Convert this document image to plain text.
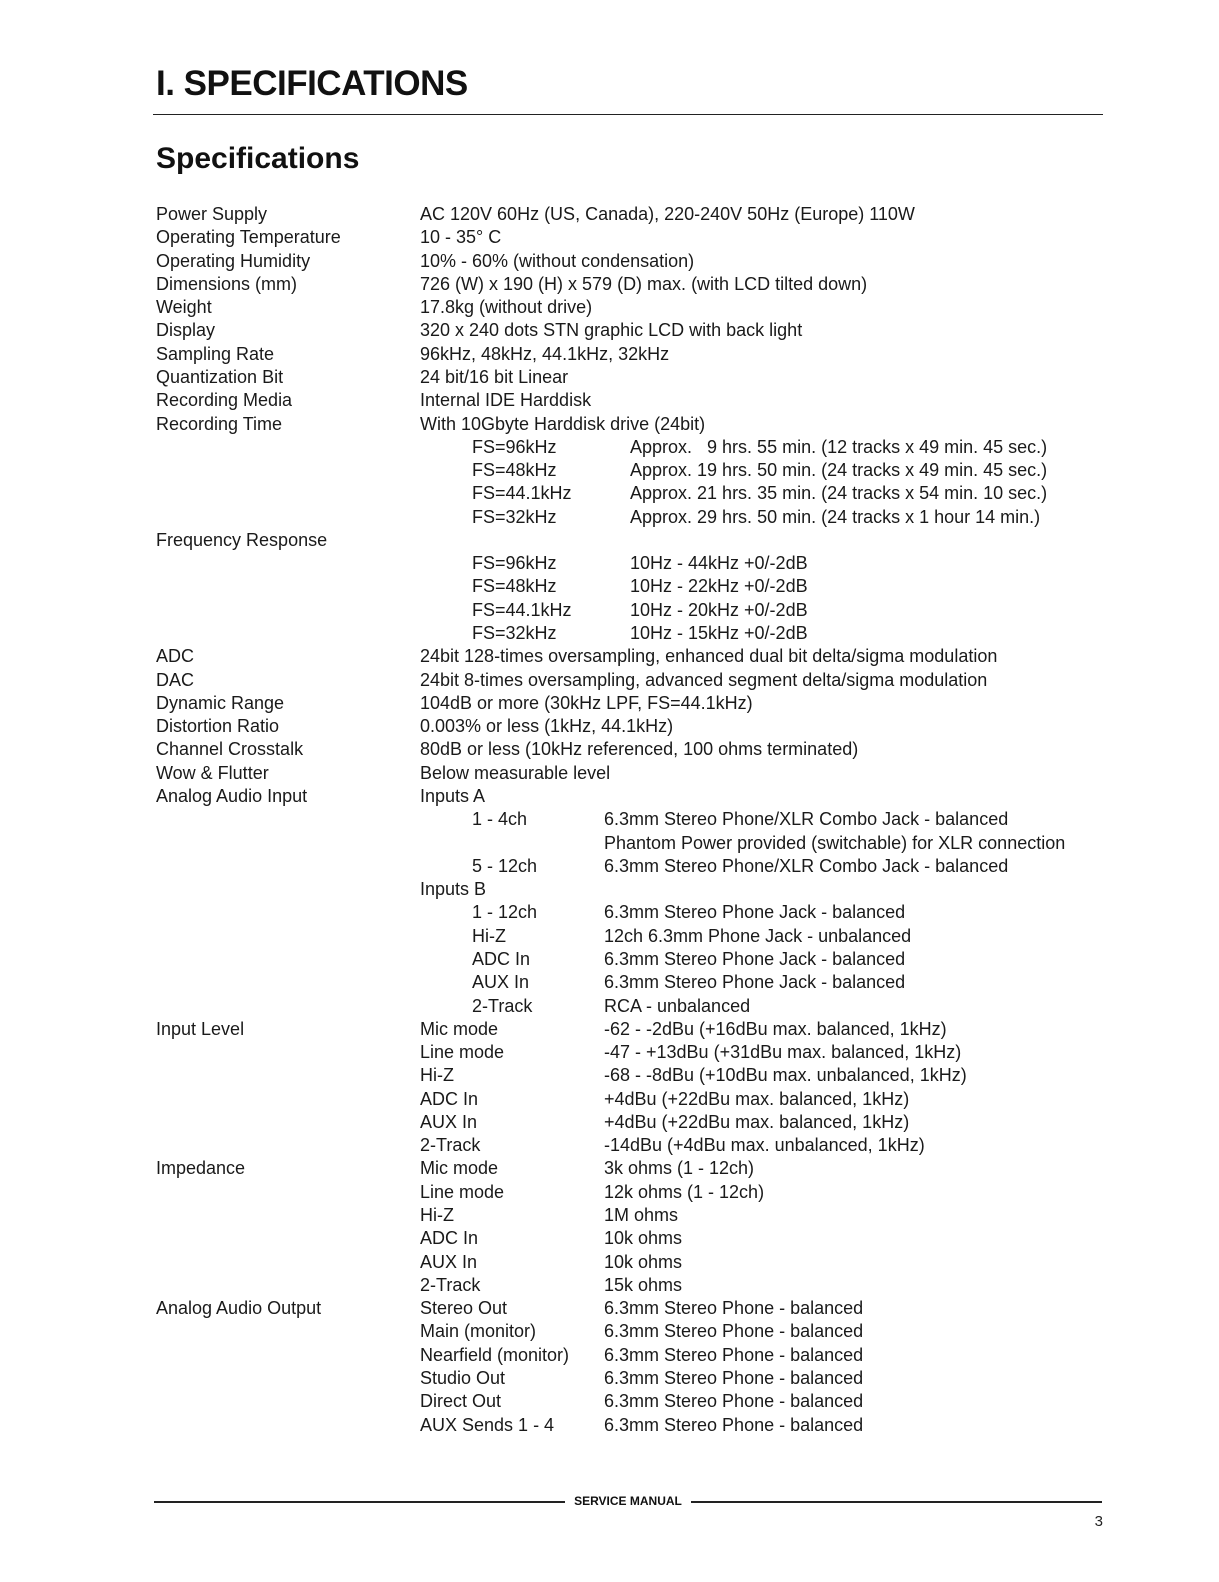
I. SPECIFICATIONS
Specifications
Power Supply	AC 120V 60Hz (US, Canada), 220-240V 50Hz (Europe) 110W
Operating Temperature	10 - 35° C
Operating Humidity	10% - 60% (without condensation)
Dimensions (mm)	726 (W) x 190 (H) x 579 (D) max. (with LCD tilted down)
Weight	17.8kg (without drive)
Display	320 x 240 dots STN graphic LCD with back light
Sampling Rate	96kHz, 48kHz, 44.1kHz, 32kHz
Quantization Bit	24 bit/16 bit Linear
Recording Media	Internal IDE Harddisk
Recording Time	With 10Gbyte Harddisk drive (24bit)
FS=96kHz	Approx.   9 hrs. 55 min. (12 tracks x 49 min. 45 sec.)
FS=48kHz	Approx. 19 hrs. 50 min. (24 tracks x 49 min. 45 sec.)
FS=44.1kHz	Approx. 21 hrs. 35 min. (24 tracks x 54 min. 10 sec.)
FS=32kHz	Approx. 29 hrs. 50 min. (24 tracks x 1 hour 14 min.)
Frequency Response
FS=96kHz	10Hz - 44kHz +0/-2dB
FS=48kHz	10Hz - 22kHz +0/-2dB
FS=44.1kHz	10Hz - 20kHz +0/-2dB
FS=32kHz	10Hz - 15kHz +0/-2dB
ADC	24bit 128-times oversampling, enhanced dual bit delta/sigma modulation
DAC	24bit 8-times oversampling, advanced segment delta/sigma modulation
Dynamic Range	104dB or more (30kHz LPF, FS=44.1kHz)
Distortion Ratio	0.003% or less (1kHz, 44.1kHz)
Channel Crosstalk	80dB or less (10kHz referenced, 100 ohms terminated)
Wow & Flutter	Below measurable level
Analog Audio Input	Inputs A
1 - 4ch	6.3mm Stereo Phone/XLR Combo Jack - balanced
Phantom Power provided (switchable) for XLR connection
5 - 12ch	6.3mm Stereo Phone/XLR Combo Jack - balanced
Inputs B
1 - 12ch	6.3mm Stereo Phone Jack - balanced
Hi-Z	12ch 6.3mm Phone Jack - unbalanced
ADC In	6.3mm Stereo Phone Jack - balanced
AUX In	6.3mm Stereo Phone Jack - balanced
2-Track	RCA - unbalanced
Input Level	Mic mode	-62 - -2dBu (+16dBu max. balanced, 1kHz)
Line mode	-47 - +13dBu (+31dBu max. balanced, 1kHz)
Hi-Z	-68 - -8dBu (+10dBu max. unbalanced, 1kHz)
ADC In	+4dBu (+22dBu max. balanced, 1kHz)
AUX In	+4dBu (+22dBu max. balanced, 1kHz)
2-Track	-14dBu (+4dBu max. unbalanced, 1kHz)
Impedance	Mic mode	3k ohms (1 - 12ch)
Line mode	12k ohms (1 - 12ch)
Hi-Z	1M ohms
ADC In	10k ohms
AUX In	10k ohms
2-Track	15k ohms
Analog Audio Output	Stereo Out	6.3mm Stereo Phone - balanced
Main (monitor)	6.3mm Stereo Phone - balanced
Nearfield (monitor) 6.3mm Stereo Phone - balanced
Studio Out	6.3mm Stereo Phone - balanced
Direct Out	6.3mm Stereo Phone - balanced
AUX Sends 1 - 4	6.3mm Stereo Phone - balanced
SERVICE MANUAL
3
